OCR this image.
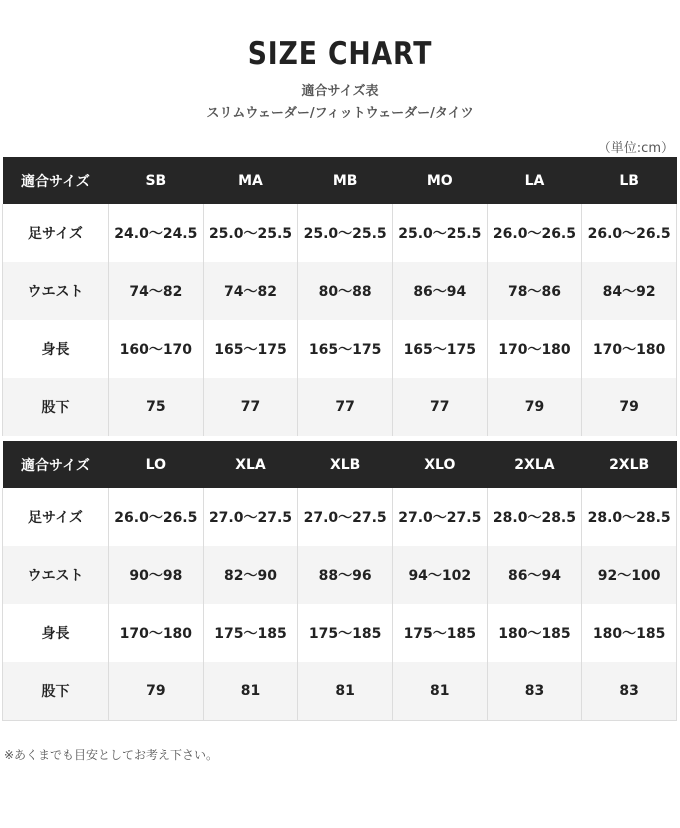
SIZE CHART
適合サイズ表
スリムウェーダー/フィットウェーダー/タイツ
（単位:cm）
適合サイズ	SB	MA	MB	MO	LA	LB
足サイズ	24.0〜24.5	25.0〜25.5	25.0〜25.5	25.0〜25.5	26.0〜26.5	26.0〜26.5
ウエスト	74〜82	74〜82	80〜88	86〜94	78〜86	84〜92
身長	160〜170	165〜175	165〜175	165〜175	170〜180	170〜180
股下	75	77	77	77	79	79
適合サイズ	LO	XLA	XLB	XLO	2XLA	2XLB
足サイズ	26.0〜26.5	27.0〜27.5	27.0〜27.5	27.0〜27.5	28.0〜28.5	28.0〜28.5
ウエスト	90〜98	82〜90	88〜96	94〜102	86〜94	92〜100
身長	170〜180	175〜185	175〜185	175〜185	180〜185	180〜185
股下	79	81	81	81	83	83
※あくまでも目安としてお考え下さい。
